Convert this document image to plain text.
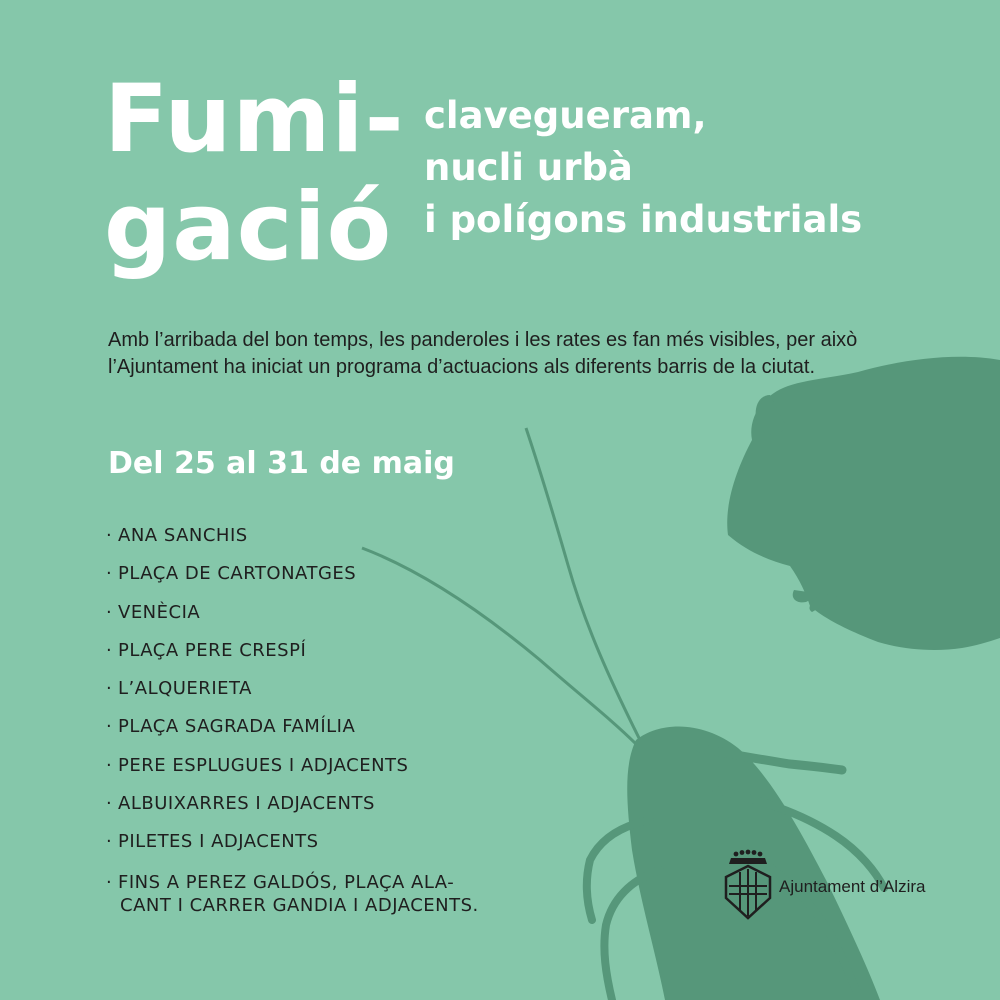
Fumi-
gació
clavegueram,
nucli urbà
i polígons industrials

Amb l’arribada del bon temps, les panderoles i les rates es fan més visibles, per això l’Ajuntament ha iniciat un programa d’actuacions als diferents barris de la ciutat.

Del 25 al 31 de maig
· ANA SANCHIS
· PLAÇA DE CARTONATGES
· VENÈCIA
· PLAÇA PERE CRESPÍ
· L’ALQUERIETA
· PLAÇA SAGRADA FAMÍLIA
· PERE ESPLUGUES I ADJACENTS
· ALBUIXARRES I ADJACENTS
· PILETES I ADJACENTS
· FINS A PEREZ GALDÓS, PLAÇA ALA-
CANT I CARRER GANDIA I ADJACENTS.
Ajuntament d’Alzira
